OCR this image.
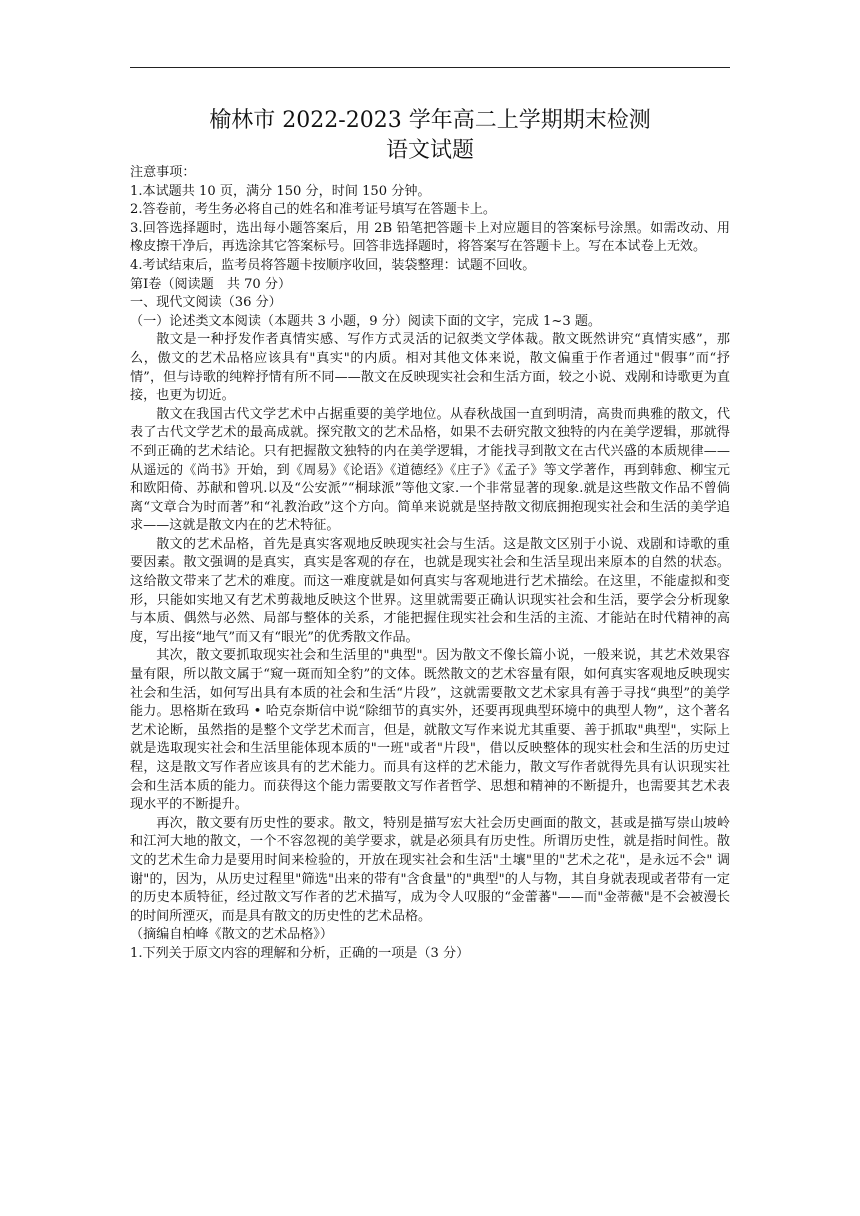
榆林市 2022-2023 学年高二上学期期末检测
语文试题
注意事项：
1.本试题共 10 页，满分 150 分，时间 150 分钟。
2.答卷前，考生务必将自己的姓名和准考证号填写在答题卡上。

3.回答选择题时，选出每小题答案后，用 2B 铅笔把答题卡上对应题目的答案标号涂黑。如需改动、用橡皮擦干净后，再选涂其它答案标号。回答非选择题时，将答案写在答题卡上。写在本试卷上无效。

4.考试结束后，监考员将答题卡按顺序收回，装袋整理：试题不回收。
第Ⅰ卷（阅读题　共 70 分）
一、现代文阅读（36 分）
（一）论述类文本阅读（本题共 3 小题，9 分）阅读下面的文字，完成 1~3 题。

散文是一种抒发作者真情实感、写作方式灵活的记叙类文学体裁。散文既然讲究“真情实感”，那么，傲文的艺术品格应该具有"真实"的内质。相对其他文体来说，散文偏重于作者通过"假事”而“抒情”，但与诗歌的纯粹抒情有所不同——散文在反映现实社会和生活方面，较之小说、戏剐和诗歌更为直接，也更为切近。

散文在我国古代文学艺术中占据重要的美学地位。从春秋战国一直到明清，高贵而典雅的散文，代表了古代文学艺术的最高成就。探究散文的艺术品格，如果不去研究散文独特的内在美学逻辑，那就得不到正确的艺术结论。只有把握散文独特的内在美学逻辑，才能找寻到散文在古代兴盛的本质规律——从遥远的《尚书》开始，到《周易》《论语》《道德经》《庄子》《孟子》等文学著作，再到韩愈、柳宝元和欧阳倚、苏献和曾巩.以及“公安派”“桐球派”等他文家.一个非常显著的现象.就是这些散文作品不曾倘离“文章合为时而著”和“礼教治政”这个方向。简单来说就是坚持散文彻底拥抱现实社会和生活的美学追求——这就是散文内在的艺术特征。

散文的艺术品格，首先是真实客观地反映现实社会与生活。这是散文区别于小说、戏剧和诗歌的重要因素。散文强调的是真实，真实是客观的存在，也就是现实社会和生活呈现出来原本的自然的状态。这给散文带来了艺术的难度。而这一难度就是如何真实与客观地进行艺术描绘。在这里，不能虚拟和变形，只能如实地又有艺术剪裁地反映这个世界。这里就需要正确认识现实社会和生活，要学会分析现象与本质、偶然与必然、局部与整体的关系，才能把握住现实社会和生活的主流、才能站在时代精神的高度，写出接“地气”而又有“眼光”的优秀散文作品。

其次，散文要抓取现实社会和生活里的"典型"。因为散文不像长篇小说，一般来说，其艺术效果容量有限，所以散文属于“窥一斑而知全豹”的文体。既然散文的艺术容量有限，如何真实客观地反映现实社会和生活，如何写出具有本质的社会和生活“片段”，这就需要散文艺术家具有善于寻找“典型”的美学能力。思格斯在致玛 • 哈克奈斯信中说“除细节的真实外，还要再现典型环境中的典型人物”，这个著名艺术论断，虽然指的是整个文学艺术而言，但是，就散文写作来说尤其重要、善于抓取"典型"，实际上就是选取现实社会和生活里能体现本质的"一班"或者"片段"，借以反映整体的现实杜会和生活的历史过程，这是散文写作者应该具有的艺术能力。而具有这样的艺术能力，散文写作者就得先具有认识现实社会和生活本质的能力。而获得这个能力需要散文写作者哲学、思想和精神的不断提升，也需要其艺术表现水平的不断提升。

再次，散文要有历史性的要求。散文，特别是描写宏大社会历史画面的散文，甚或是描写崇山坡岭和江河大地的散文，一个不容忽视的美学要求，就是必须具有历史性。所谓历史性，就是指时间性。散文的艺术生命力是要用时间来检验的，开放在现实社会和生活"土壤"里的"艺术之花"，是永远不会" 调谢"的，因为，从历史过程里"筛选"出来的带有"含食量"的"典型"的人与物，其自身就表现或者带有一定的历史本质特征，经过散文写作者的艺术描写，成为令人叹服的“金蕾蕃"——而"金蒂薇"是不会被漫长的时间所湮灭，而是具有散文的历史性的艺术品格。

（摘编自柏峰《散文的艺术品格》）
1.下列关于原文内容的理解和分析，正确的一项是（3 分）
